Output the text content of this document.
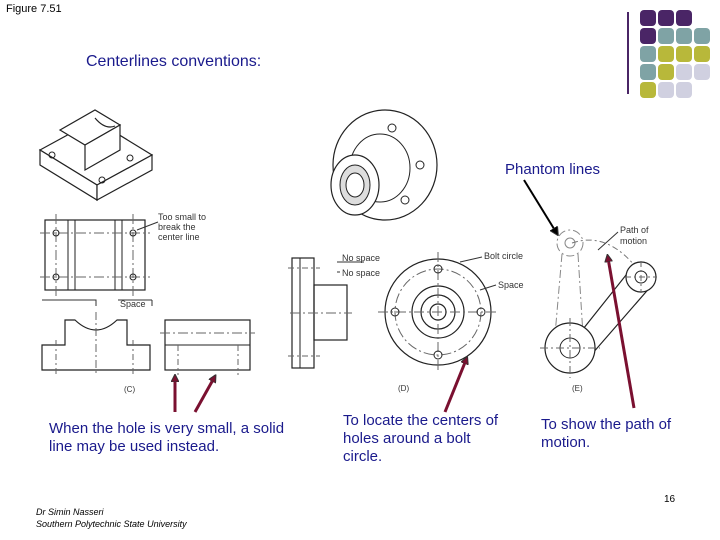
Figure 7.51
Centerlines conventions:
Phantom lines
When the hole is very small, a solid line may be used instead.
To locate the centers of holes around a bolt circle.
To show the path of motion.
16
Dr Simin Nasseri
Southern Polytechnic State University
Too small to
break the
center line
Space
(C)
No space
No space
Bolt circle
Space
(D)
Path of
motion
(E)
